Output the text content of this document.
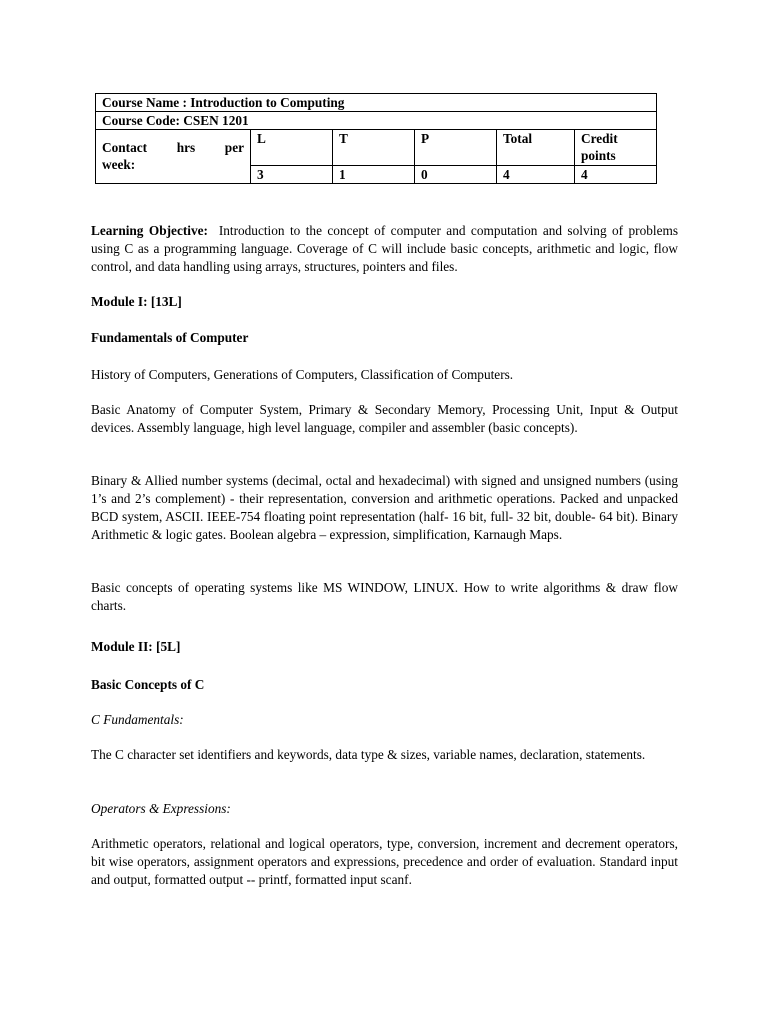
Course Name : Introduction to Computing					
Course Code: CSEN 1201					

Contact hrs per
week:	L	T	P	Total	Credit points
	3	1	0	4	4

Learning Objective: Introduction to the concept of computer and computation and solving of problems using C as a programming language. Coverage of C will include basic concepts, arithmetic and logic, flow control, and data handling using arrays, structures, pointers and files.

Module I: [13L]

Fundamentals of Computer

History of Computers, Generations of Computers, Classification of Computers.

Basic Anatomy of Computer System, Primary & Secondary Memory, Processing Unit, Input & Output devices. Assembly language, high level language, compiler and assembler (basic concepts).

Binary & Allied number systems (decimal, octal and hexadecimal) with signed and unsigned numbers (using 1’s and 2’s complement) - their representation, conversion and arithmetic operations. Packed and unpacked BCD system, ASCII. IEEE-754 floating point representation (half- 16 bit, full- 32 bit, double- 64 bit). Binary Arithmetic & logic gates. Boolean algebra – expression, simplification, Karnaugh Maps.

Basic concepts of operating systems like MS WINDOW, LINUX. How to write algorithms & draw flow charts.

Module II: [5L]

Basic Concepts of C

C Fundamentals:

The C character set identifiers and keywords, data type & sizes, variable names, declaration, statements.

Operators & Expressions:

Arithmetic operators, relational and logical operators, type, conversion, increment and decrement operators, bit wise operators, assignment operators and expressions, precedence and order of evaluation. Standard input and output, formatted output -- printf, formatted input scanf.
